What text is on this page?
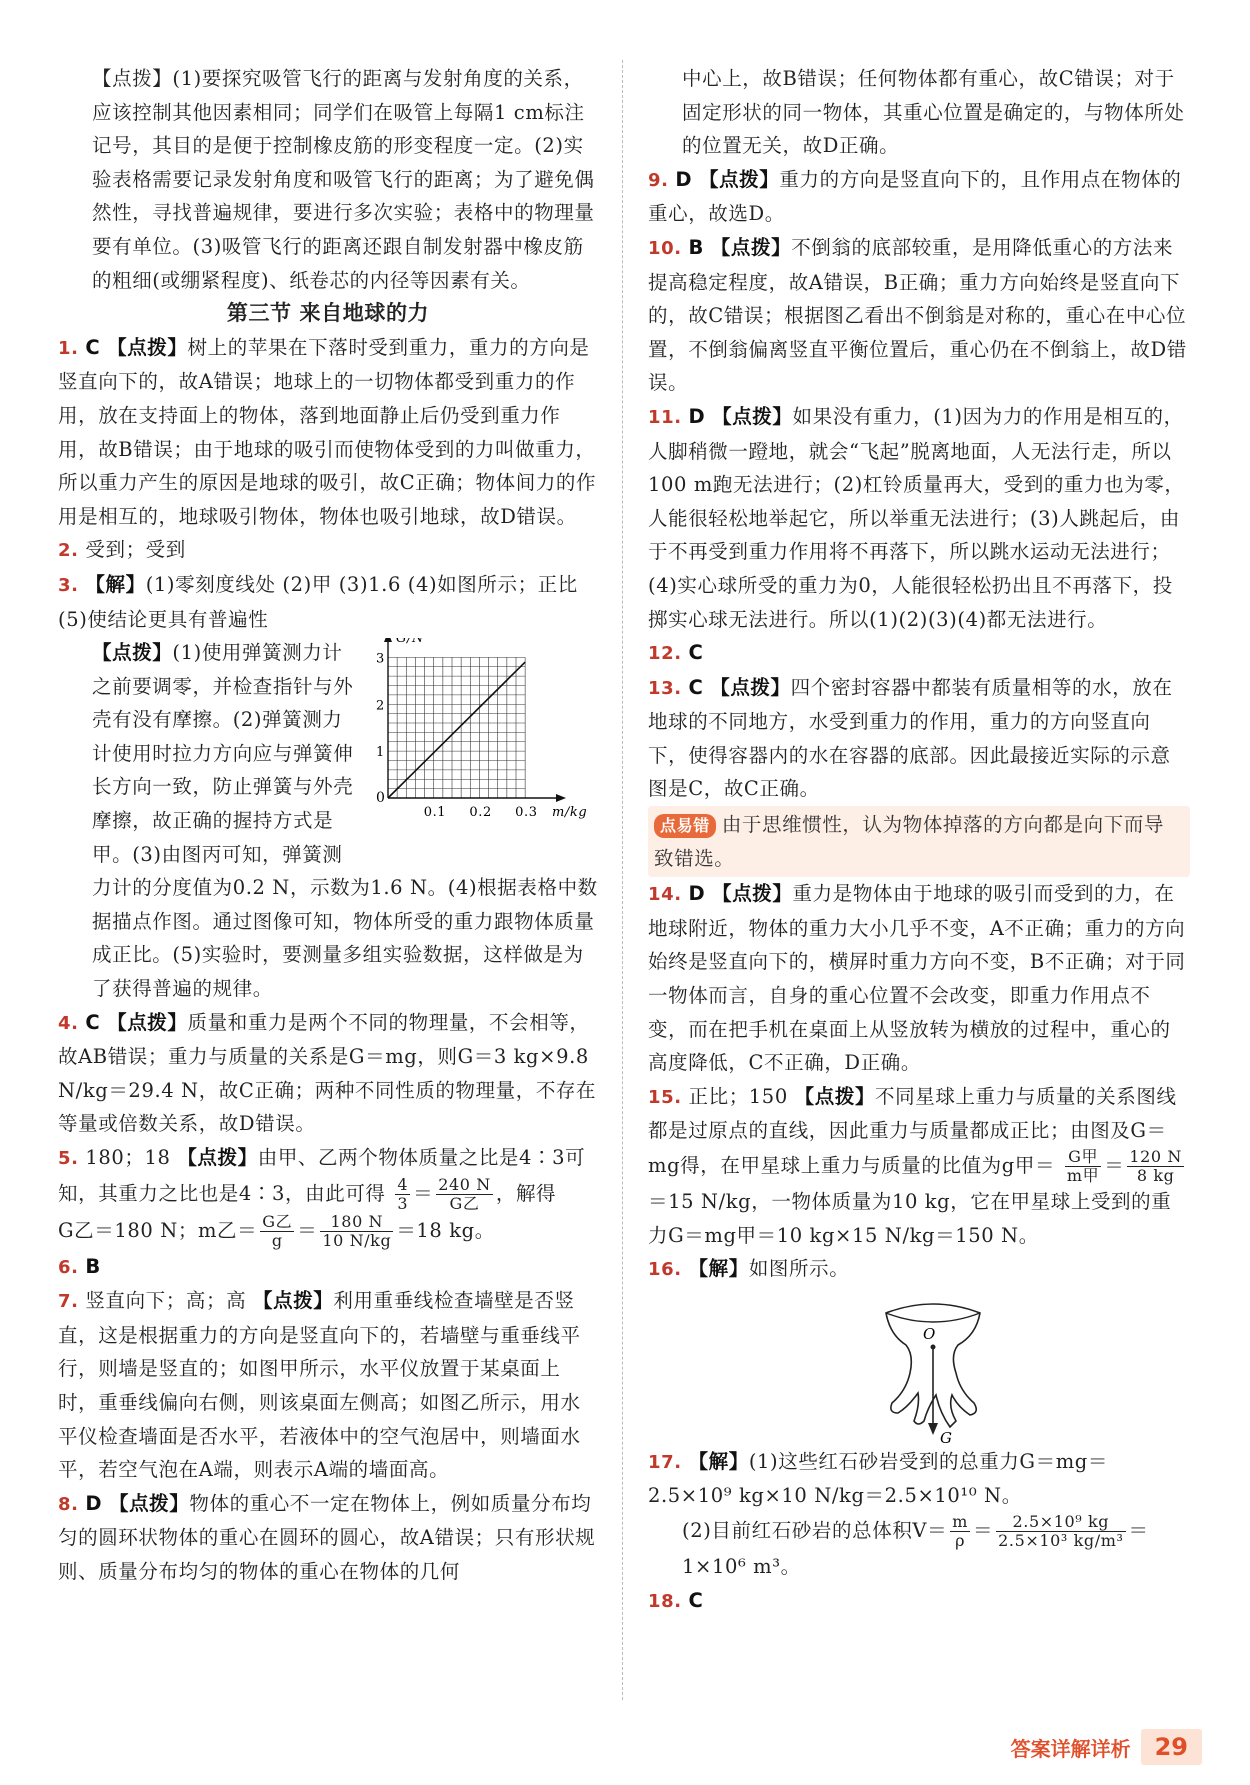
【点拨】(1)要探究吸管飞行的距离与发射角度的关系，应该控制其他因素相同；同学们在吸管上每隔1 cm标注记号，其目的是便于控制橡皮筋的形变程度一定。(2)实验表格需要记录发射角度和吸管飞行的距离；为了避免偶然性，寻找普遍规律，要进行多次实验；表格中的物理量要有单位。(3)吸管飞行的距离还跟自制发射器中橡皮筋的粗细(或绷紧程度)、纸卷芯的内径等因素有关。

第三节 来自地球的力

1. C 【点拨】树上的苹果在下落时受到重力，重力的方向是竖直向下的，故A错误；地球上的一切物体都受到重力的作用，放在支持面上的物体，落到地面静止后仍受到重力作用，故B错误；由于地球的吸引而使物体受到的力叫做重力，所以重力产生的原因是地球的吸引，故C正确；物体间力的作用是相互的，地球吸引物体，物体也吸引地球，故D错误。

2. 受到；受到

3. 【解】(1)零刻度线处 (2)甲 (3)1.6 (4)如图所示；正比 (5)使结论更具有普遍性

G/N
m/kg
0
0.1 0.2 0.3
1
2
3
【点拨】(1)使用弹簧测力计之前要调零，并检查指针与外壳有没有摩擦。(2)弹簧测力计使用时拉力方向应与弹簧伸长方向一致，防止弹簧与外壳摩擦，故正确的握持方式是甲。(3)由图丙可知，弹簧测力计的分度值为0.2 N，示数为1.6 N。(4)根据表格中数据描点作图。通过图像可知，物体所受的重力跟物体质量成正比。(5)实验时，要测量多组实验数据，这样做是为了获得普遍的规律。

4. C 【点拨】质量和重力是两个不同的物理量，不会相等，故AB错误；重力与质量的关系是G＝mg，则G＝3 kg×9.8 N/kg＝29.4 N，故C正确；两种不同性质的物理量，不存在等量或倍数关系，故D错误。

5. 180；18 【点拨】由甲、乙两个物体质量之比是4∶3可知，其重力之比也是4∶3，由此可得 $\frac{4}{3} = \frac{240 N}{\text{G乙}}$ ，解得
G乙＝180 N；m乙＝ $\frac{\text{G乙}}{g} = \frac{180 N}{10 N/kg} =18$ kg。

6. B

7. 竖直向下；高；高 【点拨】利用重垂线检查墙壁是否竖直，这是根据重力的方向是竖直向下的，若墙壁与重垂线平行，则墙是竖直的；如图甲所示，水平仪放置于某桌面上时，重垂线偏向右侧，则该桌面左侧高；如图乙所示，用水平仪检查墙面是否水平，若液体中的空气泡居中，则墙面水平，若空气泡在A端，则表示A端的墙面高。

8. D 【点拨】物体的重心不一定在物体上，例如质量分布均匀的圆环状物体的重心在圆环的圆心，故A错误；只有形状规则、质量分布均匀的物体的重心在物体的几何

中心上，故B错误；任何物体都有重心，故C错误；对于固定形状的同一物体，其重心位置是确定的，与物体所处的位置无关，故D正确。

9. D 【点拨】重力的方向是竖直向下的，且作用点在物体的重心，故选D。

10. B 【点拨】不倒翁的底部较重，是用降低重心的方法来提高稳定程度，故A错误，B正确；重力方向始终是竖直向下的，故C错误；根据图乙看出不倒翁是对称的，重心在中心位置，不倒翁偏离竖直平衡位置后，重心仍在不倒翁上，故D错误。

11. D 【点拨】如果没有重力，(1)因为力的作用是相互的，人脚稍微一蹬地，就会“飞起”脱离地面，人无法行走，所以100 m跑无法进行；(2)杠铃质量再大，受到的重力也为零，人能很轻松地举起它，所以举重无法进行；(3)人跳起后，由于不再受到重力作用将不再落下，所以跳水运动无法进行；(4)实心球所受的重力为0，人能很轻松扔出且不再落下，投掷实心球无法进行。所以(1)(2)(3)(4)都无法进行。

12. C

13. C 【点拨】四个密封容器中都装有质量相等的水，放在地球的不同地方，水受到重力的作用，重力的方向竖直向下，使得容器内的水在容器的底部。因此最接近实际的示意图是C，故C正确。

点易错 由于思维惯性，认为物体掉落的方向都是向下而导致错选。

14. D 【点拨】重力是物体由于地球的吸引而受到的力，在地球附近，物体的重力大小几乎不变，A不正确；重力的方向始终是竖直向下的，横屏时重力方向不变，B不正确；对于同一物体而言，自身的重心位置不会改变，即重力作用点不变，而在把手机在桌面上从竖放转为横放的过程中，重心的高度降低，C不正确，D正确。

15. 正比；150 【点拨】不同星球上重力与质量的关系图线都是过原点的直线，因此重力与质量都成正比；由图及G＝mg得，在甲星球上重力与质量的比值为g甲＝ $\frac{\text{G甲}}{\text{m甲}} = \frac{120 N}{8 kg}$
＝15 N/kg，一物体质量为10 kg，它在甲星球上受到的重力G＝mg甲＝10 kg×15 N/kg＝150 N。

16. 【解】如图所示。

O
G

17. 【解】(1)这些红石砂岩受到的总重力G＝mg＝2.5×10⁹ kg×10 N/kg＝2.5×10¹⁰ N。

(2)目前红石砂岩的总体积$V= \frac{m}{\rho} = \frac{\text{2.5×10⁹ kg}}{\text{2.5×10³ kg/m³}}$ ＝
1×10⁶ m³。

18. C

答案详解详析	29
